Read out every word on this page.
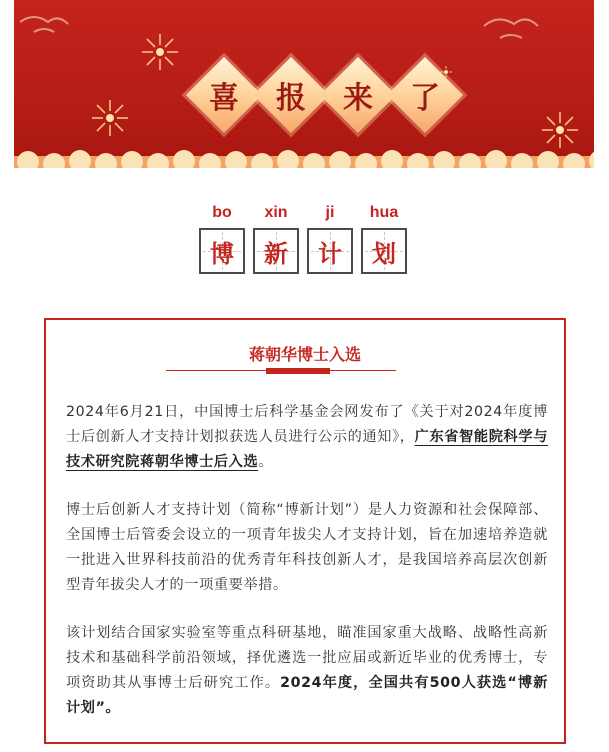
喜	报	来	了
bo	xin	ji	hua
博 新 计 划
蒋朝华博士入选
2024年6月21日，中国博士后科学基金会网发布了《关于对2024年度博士后创新人才支持计划拟获选人员进行公示的通知》，广东省智能院科学与技术研究院蒋朝华博士后入选。
博士后创新人才支持计划（简称“博新计划”）是人力资源和社会保障部、全国博士后管委会设立的一项青年拔尖人才支持计划，旨在加速培养造就一批进入世界科技前沿的优秀青年科技创新人才，是我国培养高层次创新型青年拔尖人才的一项重要举措。
该计划结合国家实验室等重点科研基地，瞄准国家重大战略、战略性高新技术和基础科学前沿领域，择优遴选一批应届或新近毕业的优秀博士，专项资助其从事博士后研究工作。2024年度，全国共有500人获选“博新计划”。
